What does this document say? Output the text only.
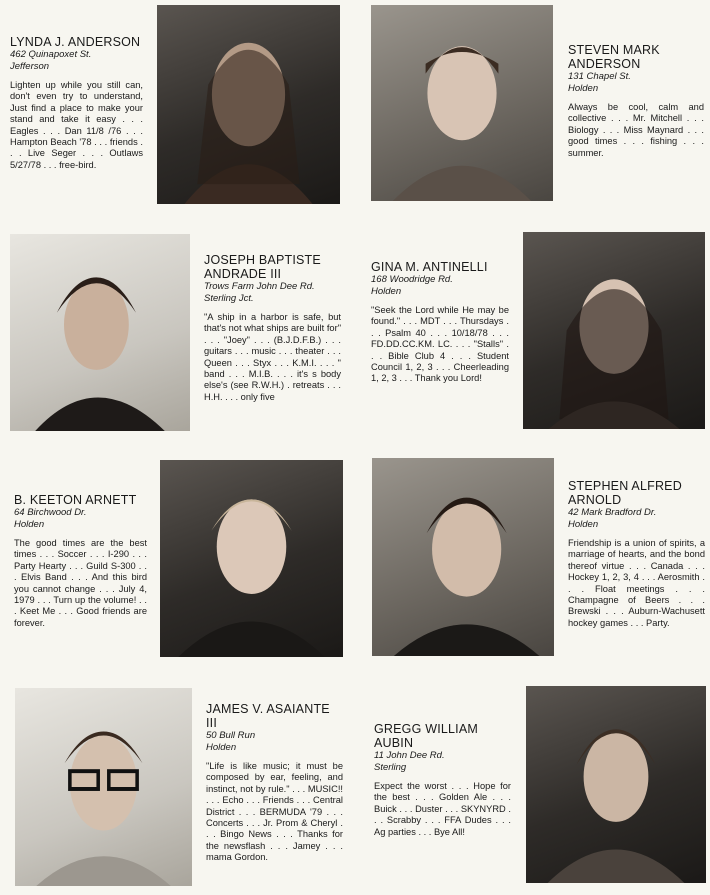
LYNDA J. ANDERSON

462 Quinapoxet St.

Jefferson

Lighten up while you still can, don't even try to understand, Just find a place to make your stand and take it easy . . . Eagles . . . Dan 11/8 /76 . . . Hampton Beach '78 . . . friends . . . Live Seger . . . Outlaws 5/27/78 . . . free-bird.

STEVEN MARK ANDERSON

131 Chapel St.

Holden

Always be cool, calm and collective . . . Mr. Mitchell . . . Biology . . . Miss Maynard . . . good times . . . fishing . . . summer.

JOSEPH BAPTISTE ANDRADE III

Trows Farm John Dee Rd.

Sterling Jct.

"A ship in a harbor is safe, but that's not what ships are built for" . . . "Joey" . . . (B.J.D.F.B.) . . . guitars . . . music . . . theater . . . Queen . . . Styx . . . K.M.I. . . . " band . . . M.I.B. . . . it's s body else's (see R.W.H.) . retreats . . . H.H. . . . only five

GINA M. ANTINELLI

168 Woodridge Rd.

Holden

"Seek the Lord while He may be found." . . . MDT . . . Thursdays . . . Psalm 40 . . . 10/18/78 . . . FD.DD.CC.KM. LC. . . . "Stalls" . . . Bible Club 4 . . . Student Council 1, 2, 3 . . . Cheerleading 1, 2, 3 . . . Thank you Lord!

B. KEETON ARNETT

64 Birchwood Dr.

Holden

The good times are the best times . . . Soccer . . . I-290 . . . Party Hearty . . . Guild S-300 . . . Elvis Band . . . And this bird you cannot change . . . July 4, 1979 . . . Turn up the volume! . . . Keet Me . . . Good friends are forever.

STEPHEN ALFRED ARNOLD

42 Mark Bradford Dr.

Holden

Friendship is a union of spirits, a marriage of hearts, and the bond thereof virtue . . . Canada . . . Hockey 1, 2, 3, 4 . . . Aerosmith . . . Float meetings . . . Champagne of Beers . . . Brewski . . . Auburn-Wachusett hockey games . . . Party.

JAMES V. ASAIANTE III

50 Bull Run

Holden

"Life is like music; it must be composed by ear, feeling, and instinct, not by rule." . . . MUSIC!! . . . Echo . . . Friends . . . Central District . . . BERMUDA '79 . . . Concerts . . . Jr. Prom & Cheryl . . . Bingo News . . . Thanks for the newsflash . . . Jamey . . . mama Gordon.

GREGG WILLIAM AUBIN

11 John Dee Rd.

Sterling

Expect the worst . . . Hope for the best . . . Golden Ale . . . Buick . . . Duster . . . SKYNYRD . . . Scrabby . . . FFA Dudes . . . Ag parties . . . Bye All!
